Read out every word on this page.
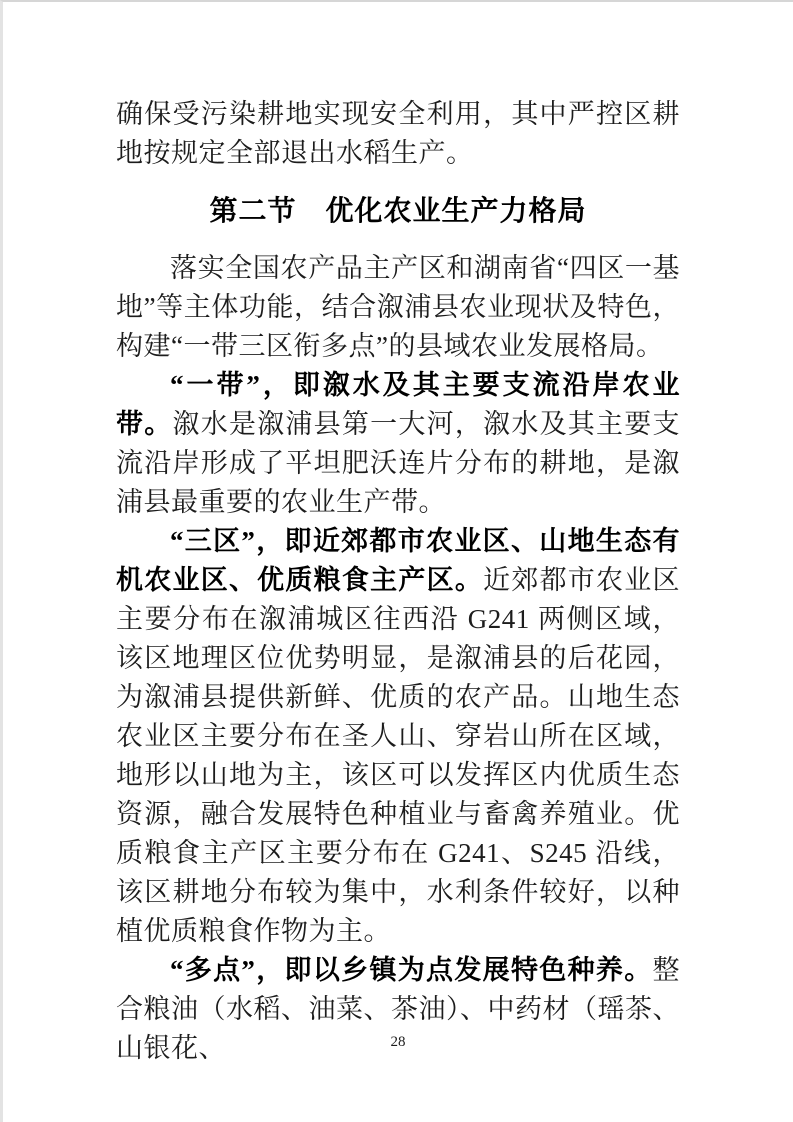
确保受污染耕地实现安全利用，其中严控区耕地按规定全部退出水稻生产。

第二节　优化农业生产力格局

落实全国农产品主产区和湖南省“四区一基地”等主体功能，结合溆浦县农业现状及特色，构建“一带三区衔多点”的县域农业发展格局。

“一带”，即溆水及其主要支流沿岸农业带。溆水是溆浦县第一大河，溆水及其主要支流沿岸形成了平坦肥沃连片分布的耕地，是溆浦县最重要的农业生产带。

“三区”，即近郊都市农业区、山地生态有机农业区、优质粮食主产区。近郊都市农业区主要分布在溆浦城区往西沿 G241 两侧区域，该区地理区位优势明显，是溆浦县的后花园，为溆浦县提供新鲜、优质的农产品。山地生态农业区主要分布在圣人山、穿岩山所在区域，地形以山地为主，该区可以发挥区内优质生态资源，融合发展特色种植业与畜禽养殖业。优质粮食主产区主要分布在 G241、S245 沿线，该区耕地分布较为集中，水利条件较好，以种植优质粮食作物为主。

“多点”，即以乡镇为点发展特色种养。整合粮油（水稻、油菜、茶油）、中药材（瑶茶、山银花、	28
